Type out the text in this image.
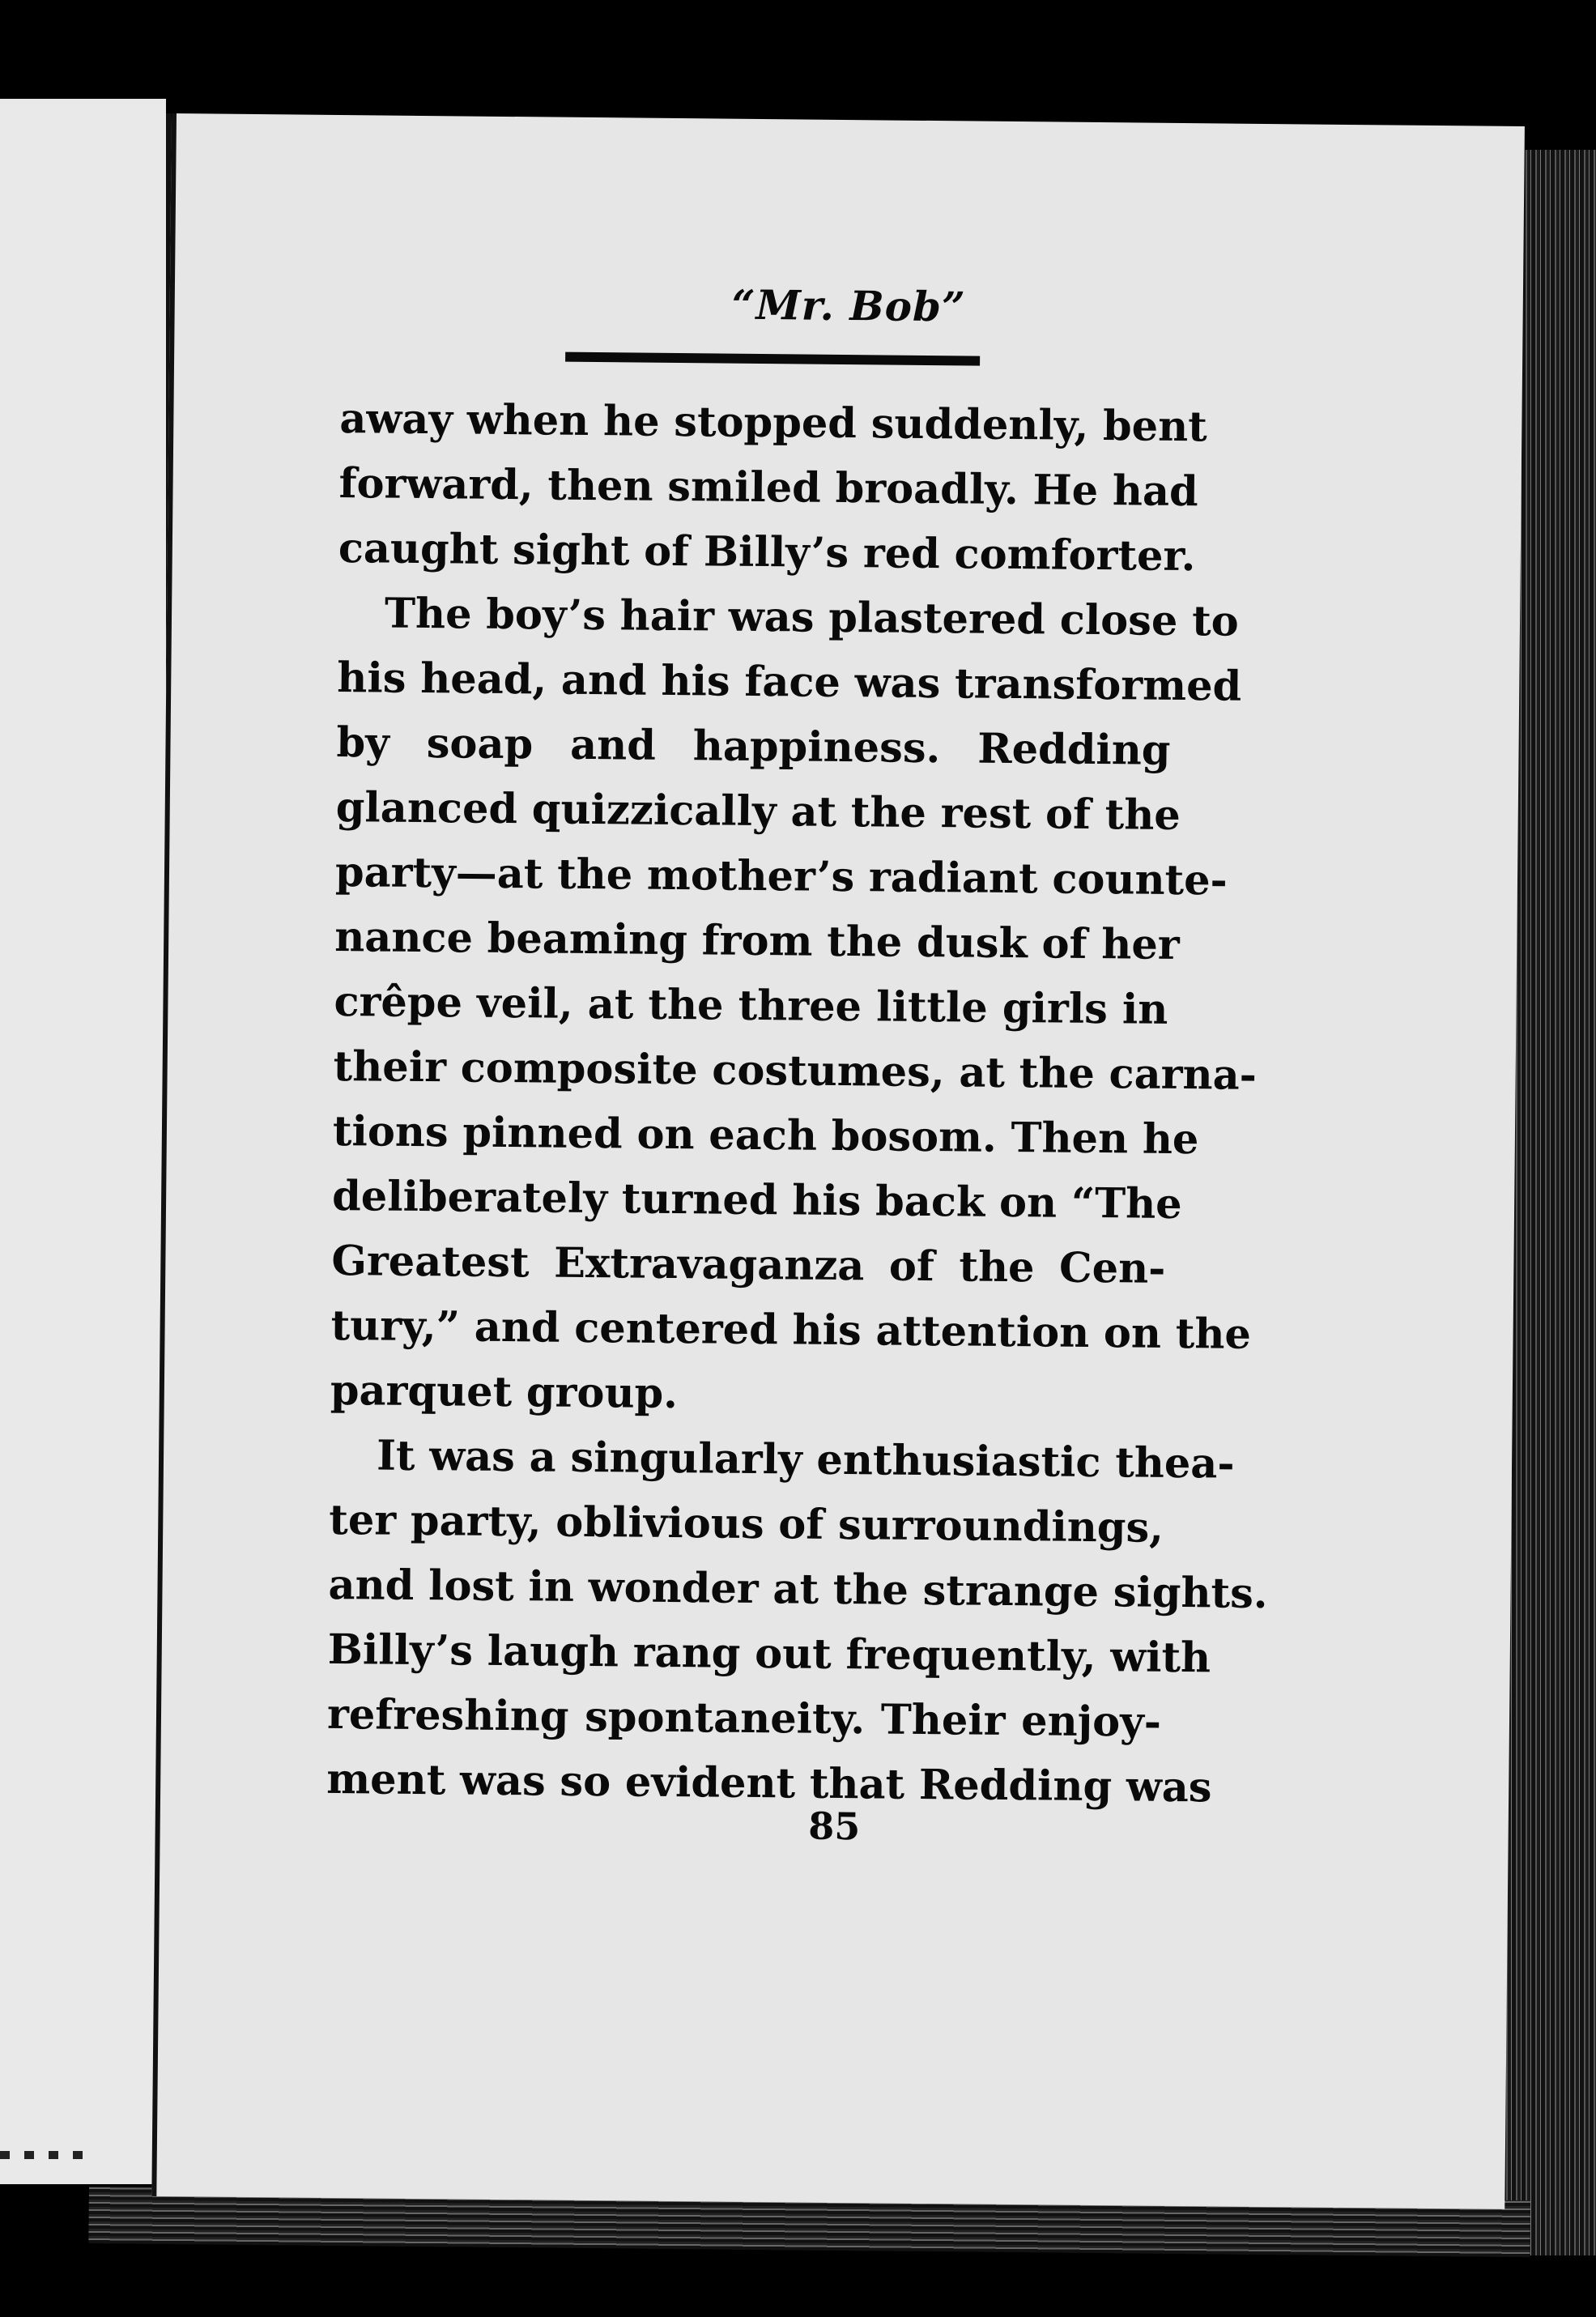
“Mr. Bob”
away when he stopped suddenly, bent
forward, then smiled broadly. He had
caught sight of Billy’s red comforter.
The boy’s hair was plastered close to
his head, and his face was transformed
by soap and happiness. Redding
glanced quizzically at the rest of the
party—at the mother’s radiant counte-
nance beaming from the dusk of her
crêpe veil, at the three little girls in
their composite costumes, at the carna-
tions pinned on each bosom. Then he
deliberately turned his back on “The
Greatest Extravaganza of the Cen-
tury,” and centered his attention on the
parquet group.
It was a singularly enthusiastic thea-
ter party, oblivious of surroundings,
and lost in wonder at the strange sights.
Billy’s laugh rang out frequently, with
refreshing spontaneity. Their enjoy-
ment was so evident that Redding was
85
